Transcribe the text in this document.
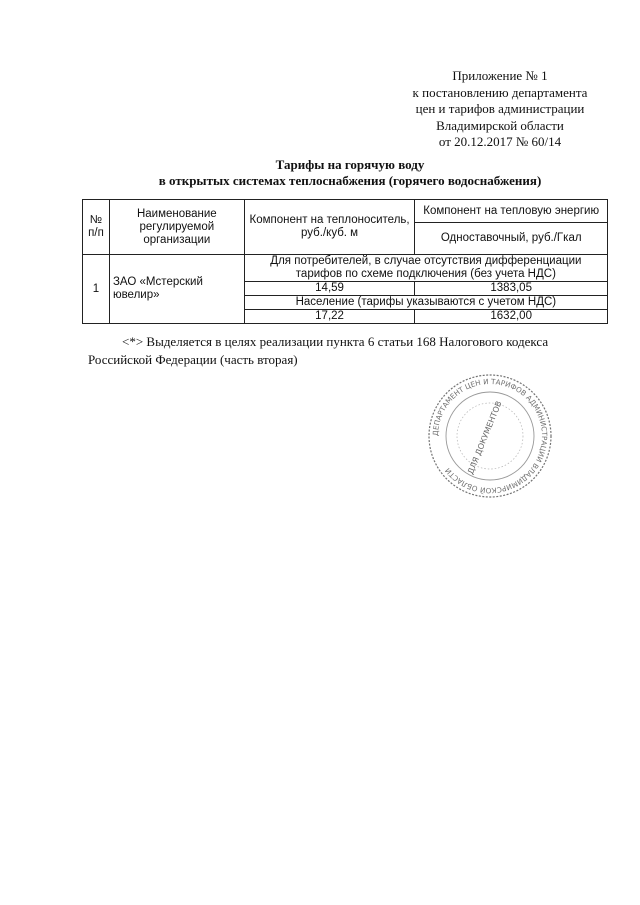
Приложение № 1
к постановлению департамента
цен и тарифов администрации
Владимирской области
от 20.12.2017 № 60/14
Тарифы на горячую воду
в открытых системах теплоснабжения (горячего водоснабжения)
№ п/п	Наименование регулируемой организации	Компонент на теплоноситель, руб./куб. м	Компонент на тепловую энергию
			Одноставочный, руб./Гкал
1	ЗАО «Мстерский ювелир»	Для потребителей, в случае отсутствия дифференциации тарифов по схеме подключения (без учета НДС)	
		14,59	1383,05
		Население (тарифы указываются с учетом НДС)	
		17,22	1632,00
<*> Выделяется в целях реализации пункта 6 статьи 168 Налогового кодекса Российской Федерации (часть вторая)
ДЕПАРТАМЕНТ ЦЕН И ТАРИФОВ АДМИНИСТРАЦИИ ВЛАДИМИРСКОЙ ОБЛАСТИ	ДЛЯ ДОКУМЕНТОВ
